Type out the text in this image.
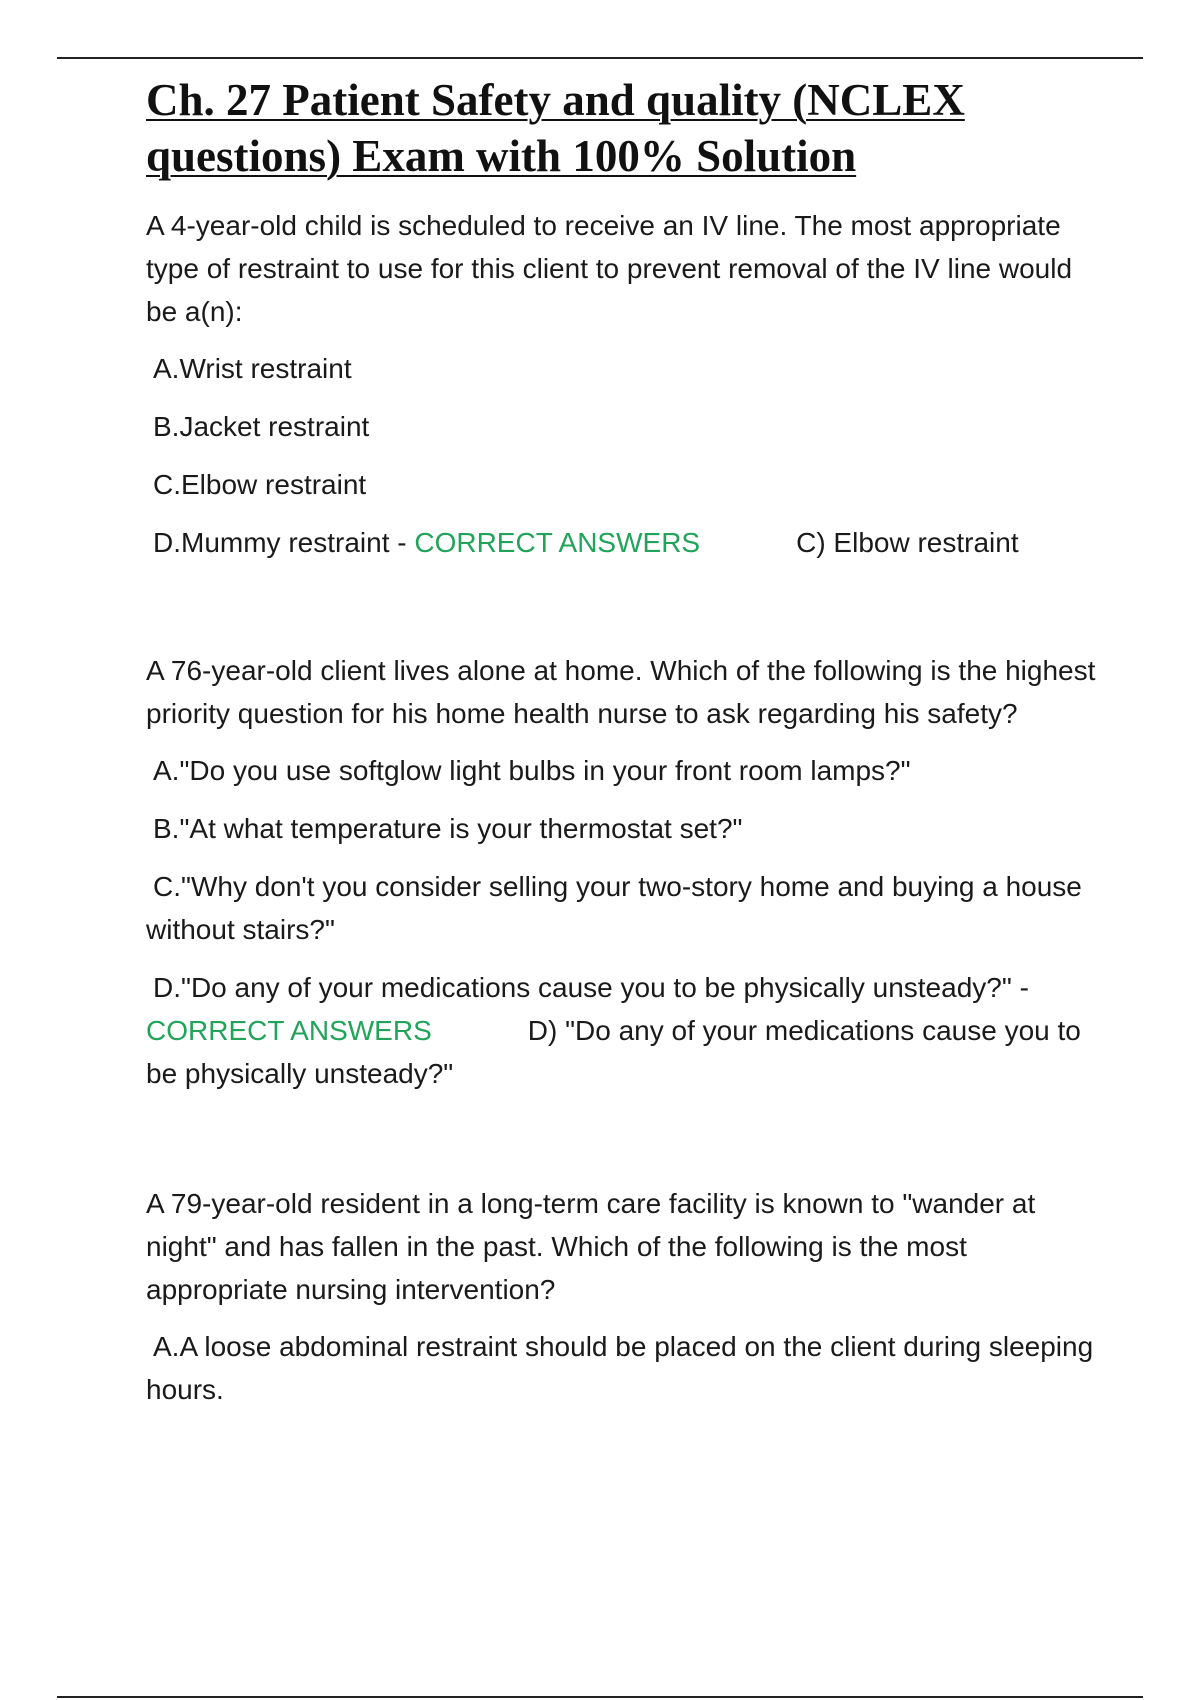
Ch. 27 Patient Safety and quality (NCLEX questions) Exam with 100% Solution

A 4-year-old child is scheduled to receive an IV line. The most appropriate type of restraint to use for this client to prevent removal of the IV line would be a(n):

A.Wrist restraint

B.Jacket restraint

C.Elbow restraint

D.Mummy restraint - CORRECT ANSWERS	C) Elbow restraint

A 76-year-old client lives alone at home. Which of the following is the highest priority question for his home health nurse to ask regarding his safety?

A."Do you use softglow light bulbs in your front room lamps?"

B."At what temperature is your thermostat set?"

C."Why don't you consider selling your two-story home and buying a house without stairs?"

D."Do any of your medications cause you to be physically unsteady?" - CORRECT ANSWERS	D) "Do any of your medications cause you to be physically unsteady?"

A 79-year-old resident in a long-term care facility is known to "wander at night" and has fallen in the past. Which of the following is the most appropriate nursing intervention?

A.A loose abdominal restraint should be placed on the client during sleeping hours.
